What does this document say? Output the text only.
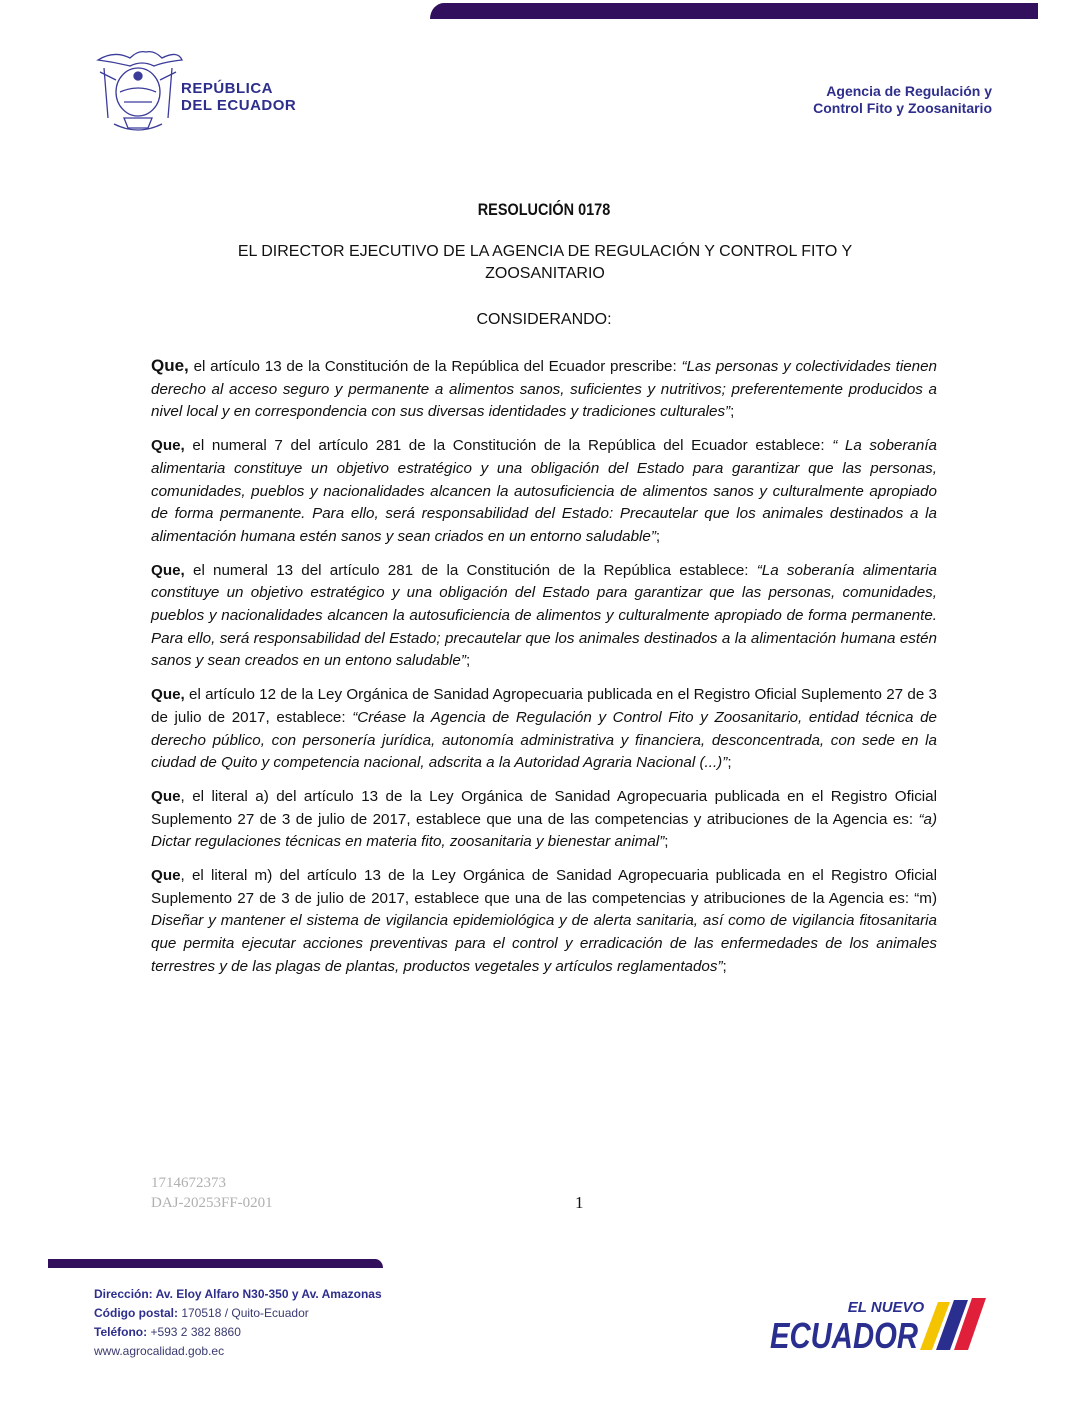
REPÚBLICA
DEL ECUADOR
Agencia de Regulación y
Control Fito y Zoosanitario
RESOLUCIÓN 0178
EL DIRECTOR EJECUTIVO DE LA AGENCIA DE REGULACIÓN Y CONTROL FITO Y ZOOSANITARIO
CONSIDERANDO:

Que, el artículo 13 de la Constitución de la República del Ecuador prescribe: “Las personas y colectividades tienen derecho al acceso seguro y permanente a alimentos sanos, suficientes y nutritivos; preferentemente producidos a nivel local y en correspondencia con sus diversas identidades y tradiciones culturales”;

Que, el numeral 7 del artículo 281 de la Constitución de la República del Ecuador establece: “ La soberanía alimentaria constituye un objetivo estratégico y una obligación del Estado para garantizar que las personas, comunidades, pueblos y nacionalidades alcancen la autosuficiencia de alimentos sanos y culturalmente apropiado de forma permanente. Para ello, será responsabilidad del Estado: Precautelar que los animales destinados a la alimentación humana estén sanos y sean criados en un entorno saludable”;

Que, el numeral 13 del artículo 281 de la Constitución de la República establece: “La soberanía alimentaria constituye un objetivo estratégico y una obligación del Estado para garantizar que las personas, comunidades, pueblos y nacionalidades alcancen la autosuficiencia de alimentos y culturalmente apropiado de forma permanente. Para ello, será responsabilidad del Estado; precautelar que los animales destinados a la alimentación humana estén sanos y sean creados en un entono saludable”;

Que, el artículo 12 de la Ley Orgánica de Sanidad Agropecuaria publicada en el Registro Oficial Suplemento 27 de 3 de julio de 2017, establece: “Créase la Agencia de Regulación y Control Fito y Zoosanitario, entidad técnica de derecho público, con personería jurídica, autonomía administrativa y financiera, desconcentrada, con sede en la ciudad de Quito y competencia nacional, adscrita a la Autoridad Agraria Nacional (...)”;

Que, el literal a) del artículo 13 de la Ley Orgánica de Sanidad Agropecuaria publicada en el Registro Oficial Suplemento 27 de 3 de julio de 2017, establece que una de las competencias y atribuciones de la Agencia es: “a) Dictar regulaciones técnicas en materia fito, zoosanitaria y bienestar animal”;

Que, el literal m) del artículo 13 de la Ley Orgánica de Sanidad Agropecuaria publicada en el Registro Oficial Suplemento 27 de 3 de julio de 2017, establece que una de las competencias y atribuciones de la Agencia es: “m) Diseñar y mantener el sistema de vigilancia epidemiológica y de alerta sanitaria, así como de vigilancia fitosanitaria que permita ejecutar acciones preventivas para el control y erradicación de las enfermedades de los animales terrestres y de las plagas de plantas, productos vegetales y artículos reglamentados”;

1714672373
DAJ-20253FF-0201	1
Dirección: Av. Eloy Alfaro N30-350 y Av. Amazonas
Código postal: 170518 / Quito-Ecuador
Teléfono: +593 2 382 8860
www.agrocalidad.gob.ec
EL NUEVO
ECUADOR
